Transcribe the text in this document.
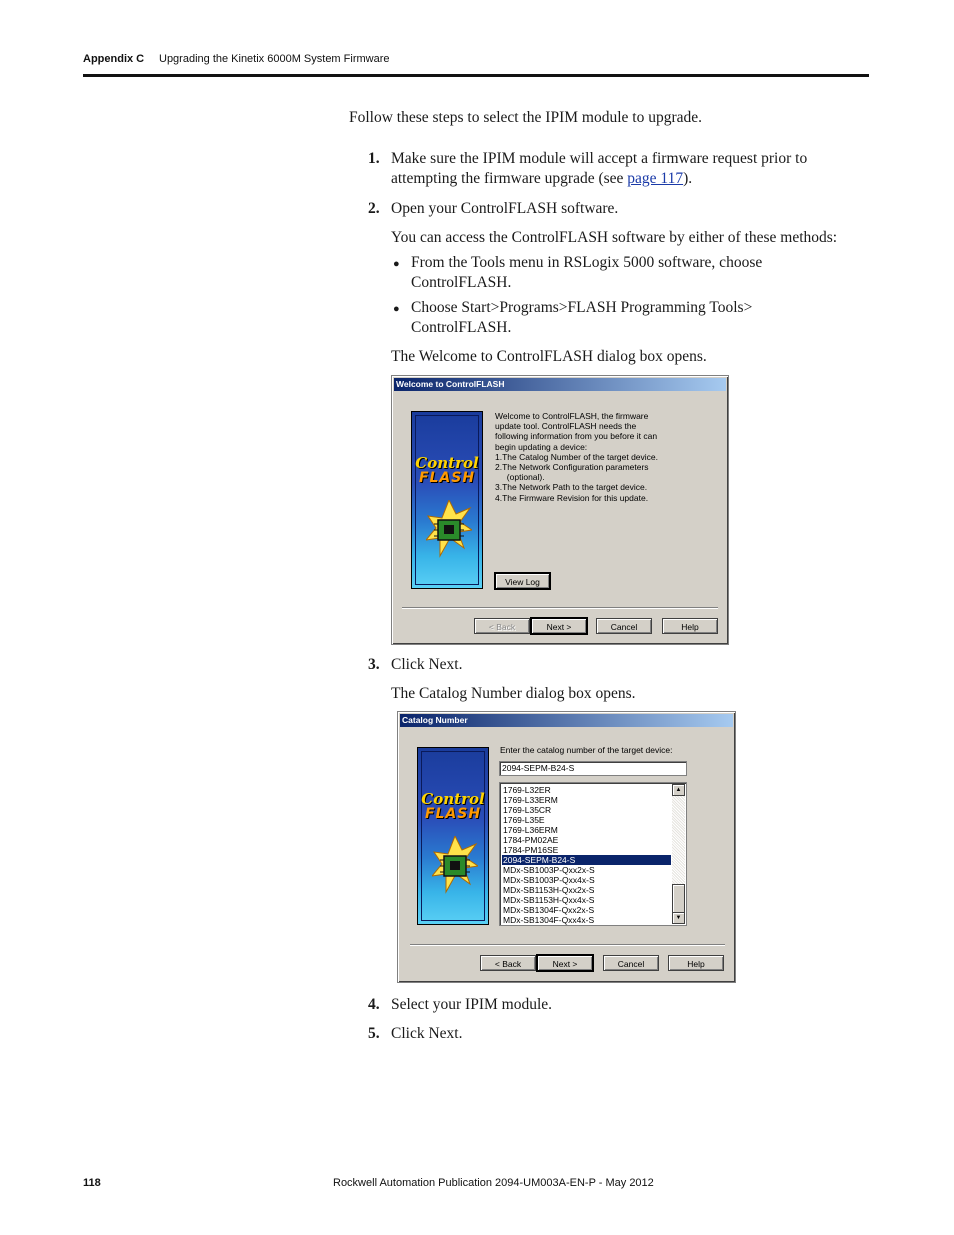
Appendix C Upgrading the Kinetix 6000M System Firmware
Follow these steps to select the IPIM module to upgrade.
1. Make sure the IPIM module will accept a firmware request prior to
attempting the firmware upgrade (see page 117).
2. Open your ControlFLASH software.
You can access the ControlFLASH software by either of these methods:
● From the Tools menu in RSLogix 5000 software, choose
ControlFLASH.
● Choose Start>Programs>FLASH Programming Tools>
ControlFLASH.
The Welcome to ControlFLASH dialog box opens.
Welcome to ControlFLASH
Control
FLASH
Welcome to ControlFLASH, the firmware
update tool. ControlFLASH needs the
following information from you before it can
begin updating a device:
1.The Catalog Number of the target device.
2.The Network Configuration parameters
(optional).
3.The Network Path to the target device.
4.The Firmware Revision for this update.
View Log
< Back	Next >	Cancel	Help
3. Click Next.
The Catalog Number dialog box opens.
Catalog Number
Control
FLASH
Enter the catalog number of the target device:
2094-SEPM-B24-S
1769-L32ER
1769-L33ERM
1769-L35CR
1769-L35E
1769-L36ERM
1784-PM02AE
1784-PM16SE
2094-SEPM-B24-S
MDx-SB1003P-Qxx2x-S
MDx-SB1003P-Qxx4x-S
MDx-SB1153H-Qxx2x-S
MDx-SB1153H-Qxx4x-S
MDx-SB1304F-Qxx2x-S
MDx-SB1304F-Qxx4x-S
▲
▼
< Back	Next >	Cancel	Help
4. Select your IPIM module.
5. Click Next.
118	Rockwell Automation Publication 2094-UM003A-EN-P - May 2012
